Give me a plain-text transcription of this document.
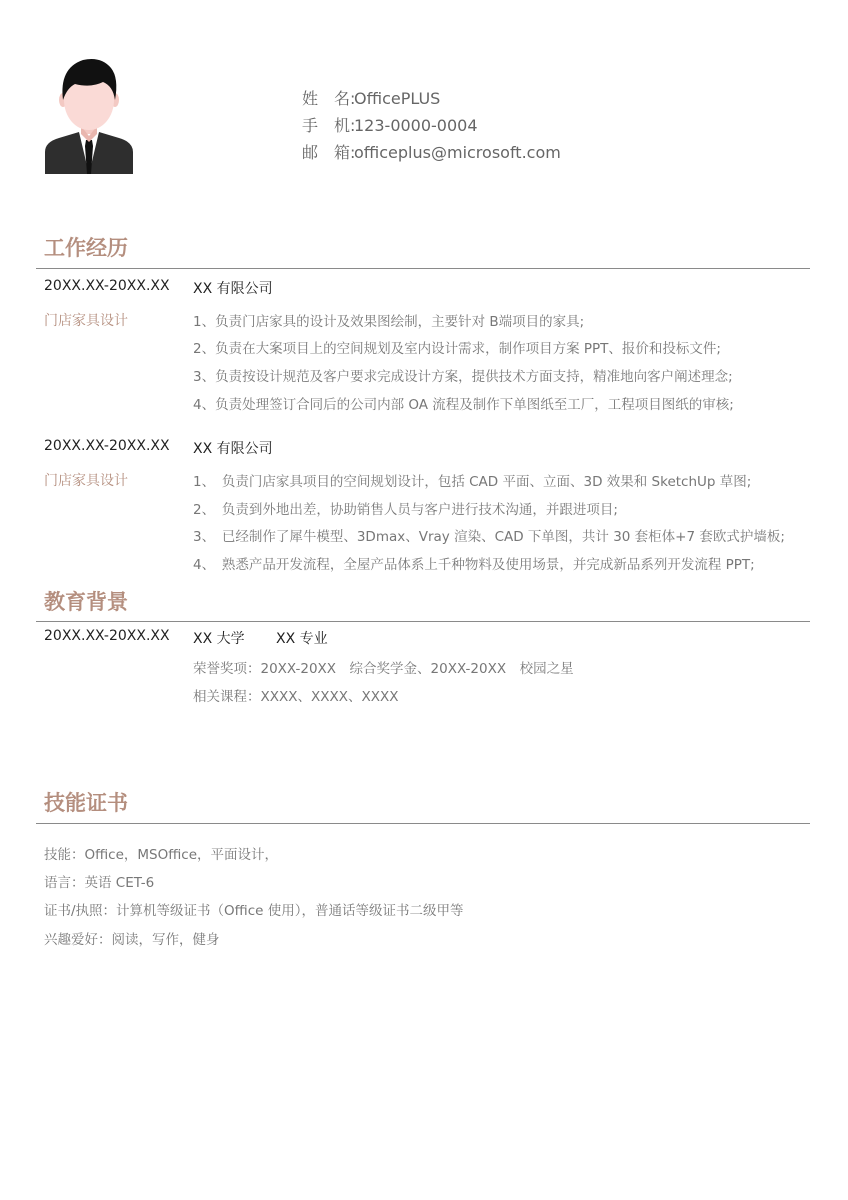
姓　名:OfficePLUS
手　机:123-0000-0004
邮　箱:officeplus@microsoft.com
工作经历
20XX.XX-20XX.XX XX 有限公司
门店家具设计	1、负责门店家具的设计及效果图绘制，主要针对 B端项目的家具;
2、负责在大案项目上的空间规划及室内设计需求，制作项目方案 PPT、报价和投标文件;
3、负责按设计规范及客户要求完成设计方案，提供技术方面支持，精准地向客户阐述理念;
4、负责处理签订合同后的公司内部 OA 流程及制作下单图纸至工厂，工程项目图纸的审核;
20XX.XX-20XX.XX XX 有限公司
门店家具设计	1、　负责门店家具项目的空间规划设计，包括 CAD 平面、立面、3D 效果和 SketchUp 草图;
2、　负责到外地出差，协助销售人员与客户进行技术沟通，并跟进项目;
3、　已经制作了犀牛模型、3Dmax、Vray 渲染、CAD 下单图，共计 30 套柜体+7 套欧式护墙板;
4、　熟悉产品开发流程，全屋产品体系上千种物料及使用场景，并完成新品系列开发流程 PPT;
教育背景
20XX.XX-20XX.XX XX 大学 XX 专业
荣誉奖项：20XX-20XX　综合奖学金、20XX-20XX　校园之星
相关课程：XXXX、XXXX、XXXX
技能证书
技能：Office，MSOffice，平面设计，
语言：英语 CET-6
证书/执照：计算机等级证书（Office 使用），普通话等级证书二级甲等
兴趣爱好：阅读，写作，健身
